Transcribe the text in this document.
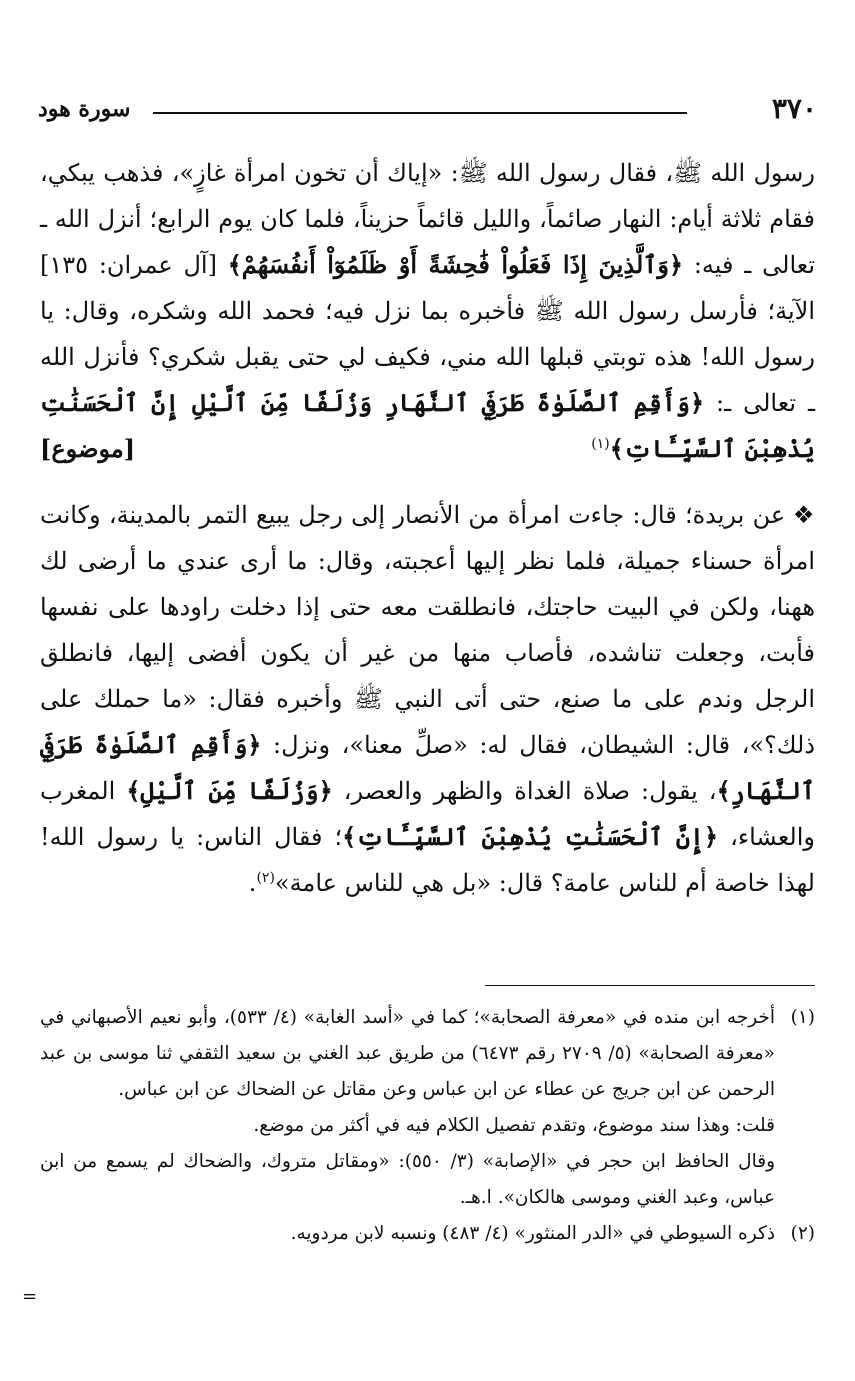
٣٧٠
سورة هود

رسول الله ﷺ، فقال رسول الله ﷺ: «إياك أن تخون امرأة غازٍ»، فذهب يبكي، فقام ثلاثة أيام: النهار صائماً، والليل قائماً حزيناً، فلما كان يوم الرابع؛ أنزل الله ـ تعالى ـ فيه: ﴿وَٱلَّذِينَ إِذَا فَعَلُواْ فَٰحِشَةً أَوْ ظَلَمُوٓاْ أَنفُسَهُمْ﴾ [آل عمران: ١٣٥] الآية؛ فأرسل رسول الله ﷺ فأخبره بما نزل فيه؛ فحمد الله وشكره، وقال: يا رسول الله! هذه توبتي قبلها الله مني، فكيف لي حتى يقبل شكري؟ فأنزل الله ـ تعالى ـ: ﴿وَأَقِمِ ٱلصَّلَوٰةَ طَرَفَيِ ٱلنَّهَارِ وَزُلَفًا مِّنَ ٱلَّيْلِ إِنَّ ٱلْحَسَنَٰتِ يُذْهِبْنَ ٱلسَّيِّـَٔاتِ﴾$^{(١)}$
[موضوع]

❖ عن بريدة؛ قال: جاءت امرأة من الأنصار إلى رجل يبيع التمر بالمدينة، وكانت امرأة حسناء جميلة، فلما نظر إليها أعجبته، وقال: ما أرى عندي ما أرضى لك ههنا، ولكن في البيت حاجتك، فانطلقت معه حتى إذا دخلت راودها على نفسها فأبت، وجعلت تناشده، فأصاب منها من غير أن يكون أفضى إليها، فانطلق الرجل وندم على ما صنع، حتى أتى النبي ﷺ وأخبره فقال: «ما حملك على ذلك؟»، قال: الشيطان، فقال له: «صلِّ معنا»، ونزل: ﴿وَأَقِمِ ٱلصَّلَوٰةَ طَرَفَيِ ٱلنَّهَارِ﴾، يقول: صلاة الغداة والظهر والعصر، ﴿وَزُلَفًا مِّنَ ٱلَّيْلِ﴾ المغرب والعشاء، ﴿إِنَّ ٱلْحَسَنَٰتِ يُذْهِبْنَ ٱلسَّيِّـَٔاتِ﴾؛ فقال الناس: يا رسول الله! لهذا خاصة أم للناس عامة؟ قال: «بل هي للناس عامة»$^{(٢)}$.

(١)

أخرجه ابن منده في «معرفة الصحابة»؛ كما في «أسد الغابة» (٤/ ٥٣٣)، وأبو نعيم الأصبهاني في «معرفة الصحابة» (٥/ ٢٧٠٩ رقم ٦٤٧٣) من طريق عبد الغني بن سعيد الثقفي ثنا موسى بن عبد الرحمن عن ابن جريج عن عطاء عن ابن عباس وعن مقاتل عن الضحاك عن ابن عباس.

قلت: وهذا سند موضوع، وتقدم تفصيل الكلام فيه في أكثر من موضع.

وقال الحافظ ابن حجر في «الإصابة» (٣/ ٥٥٠): «ومقاتل متروك، والضحاك لم يسمع من ابن عباس، وعبد الغني وموسى هالكان». ا.هـ.

(٢)

ذكره السيوطي في «الدر المنثور» (٤/ ٤٨٣) ونسبه لابن مردويه.

=
